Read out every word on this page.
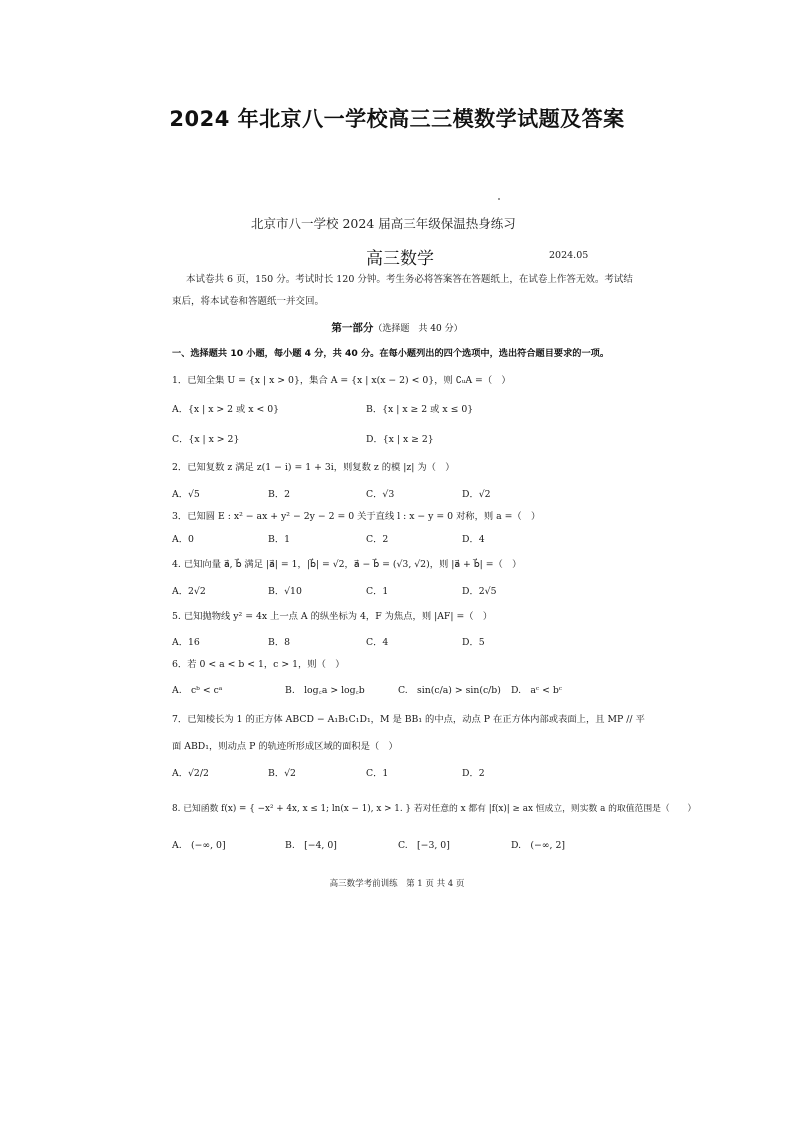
2024 年北京八一学校高三三模数学试题及答案
北京市八一学校 2024 届高三年级保温热身练习
高三数学	2024.05
本试卷共 6 页，150 分。考试时长 120 分钟。考生务必将答案答在答题纸上，在试卷上作答无效。考试结束后，将本试卷和答题纸一并交回。
第一部分（选择题　共 40 分）
一、选择题共 10 小题，每小题 4 分，共 40 分。在每小题列出的四个选项中，选出符合题目要求的一项。
1．已知全集 U = {x | x > 0}，集合 A = {x | x(x − 2) < 0}，则 ∁ᵤA =（　）
A．{x | x > 2 或 x < 0}	B．{x | x ≥ 2 或 x ≤ 0}
C．{x | x > 2}	D．{x | x ≥ 2}
2．已知复数 z 满足 z(1 − i) = 1 + 3i，则复数 z 的模 |z| 为（　）
A．√5	B．2	C．√3	D．√2
3．已知圆 E : x² − ax + y² − 2y − 2 = 0 关于直线 l : x − y = 0 对称，则 a =（　）
A．0	B．1	C．2	D．4
4. 已知向量 a⃗, b⃗ 满足 |a⃗| = 1，|b⃗| = √2，a⃗ − b⃗ = (√3, √2)，则 |a⃗ + b⃗| =（　）
A．2√2	B．√10	C．1	D．2√5
5. 已知抛物线 y² = 4x 上一点 A 的纵坐标为 4，F 为焦点，则 |AF| =（　）
A．16	B．8	C．4	D．5
6．若 0 < a < b < 1，c > 1，则（　）
A.　cᵇ < cᵃ	B.　log꜀a > log꜀b	C.　sin(c/a) > sin(c/b) D.　aᶜ < bᶜ
7．已知棱长为 1 的正方体 ABCD − A₁B₁C₁D₁，M 是 BB₁ 的中点，动点 P 在正方体内部或表面上，且 MP // 平
面 ABD₁，则动点 P 的轨迹所形成区域的面积是（　）
A．√2/2	B．√2	C．1	D．2
8. 已知函数 f(x) = { −x² + 4x, x ≤ 1; ln(x − 1), x > 1. } 若对任意的 x 都有 |f(x)| ≥ ax 恒成立，则实数 a 的取值范围是（　　）
A.　(−∞, 0]	B.　[−4, 0]	C.　[−3, 0]	D.　(−∞, 2]
高三数学考前训练　第 1 页 共 4 页
